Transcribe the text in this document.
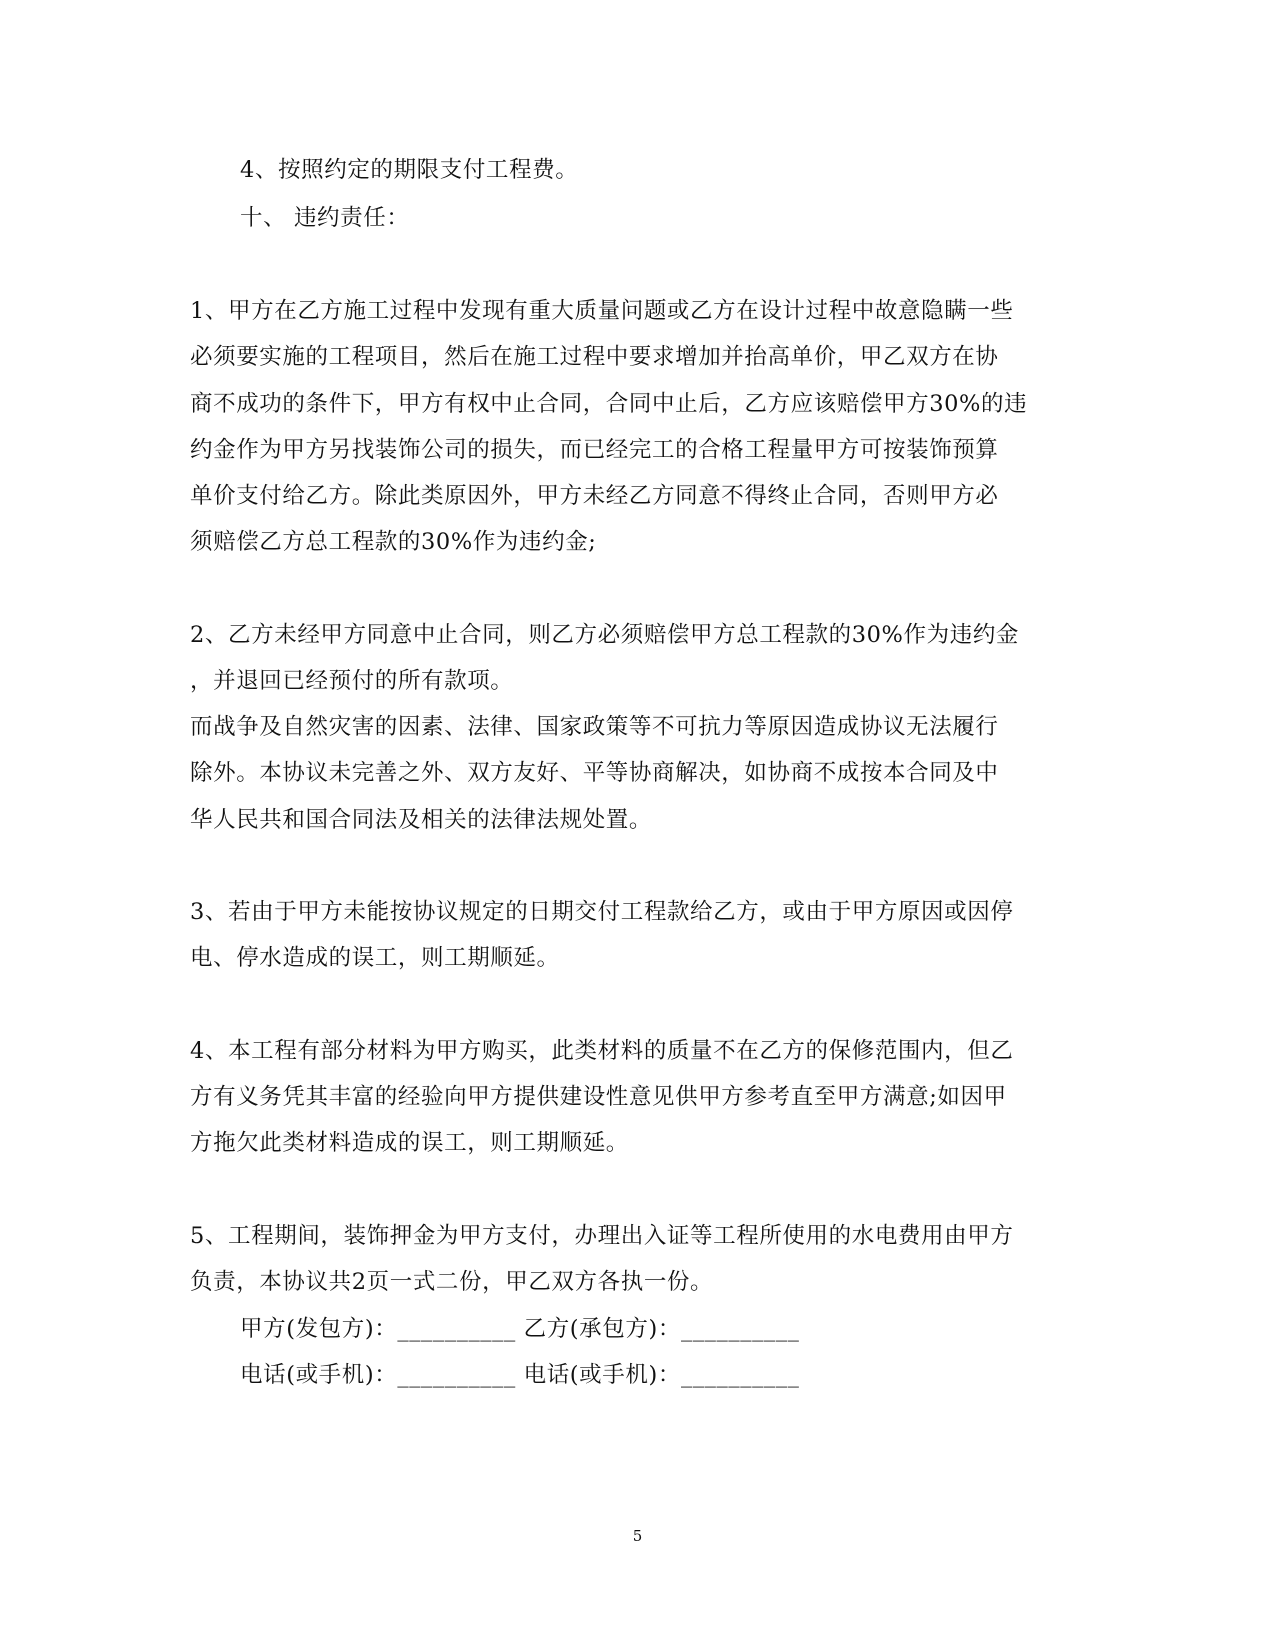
4、按照约定的期限支付工程费。
十、 违约责任：
1、甲方在乙方施工过程中发现有重大质量问题或乙方在设计过程中故意隐瞒一些
必须要实施的工程项目，然后在施工过程中要求增加并抬高单价，甲乙双方在协
商不成功的条件下，甲方有权中止合同，合同中止后，乙方应该赔偿甲方30%的违
约金作为甲方另找装饰公司的损失，而已经完工的合格工程量甲方可按装饰预算
单价支付给乙方。除此类原因外，甲方未经乙方同意不得终止合同，否则甲方必
须赔偿乙方总工程款的30%作为违约金;
2、乙方未经甲方同意中止合同，则乙方必须赔偿甲方总工程款的30%作为违约金
，并退回已经预付的所有款项。
而战争及自然灾害的因素、法律、国家政策等不可抗力等原因造成协议无法履行
除外。本协议未完善之外、双方友好、平等协商解决，如协商不成按本合同及中
华人民共和国合同法及相关的法律法规处置。
3、若由于甲方未能按协议规定的日期交付工程款给乙方，或由于甲方原因或因停
电、停水造成的误工，则工期顺延。
4、本工程有部分材料为甲方购买，此类材料的质量不在乙方的保修范围内，但乙
方有义务凭其丰富的经验向甲方提供建设性意见供甲方参考直至甲方满意;如因甲
方拖欠此类材料造成的误工，则工期顺延。
5、工程期间，装饰押金为甲方支付，办理出入证等工程所使用的水电费用由甲方
负责，本协议共2页一式二份，甲乙双方各执一份。
甲方(发包方)：__________ 乙方(承包方)：__________
电话(或手机)：__________ 电话(或手机)：__________
5
